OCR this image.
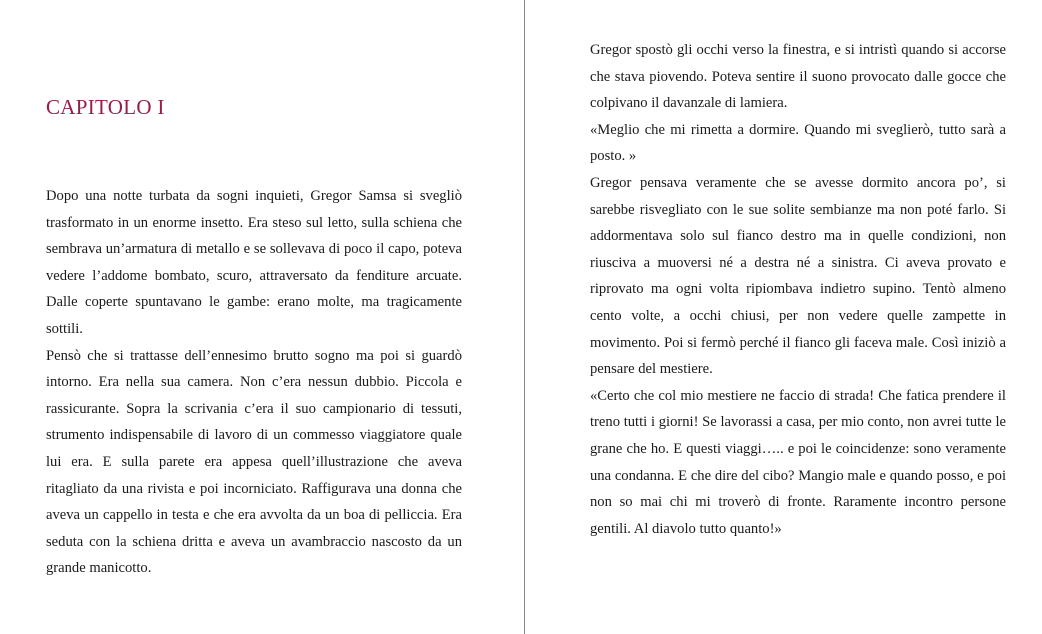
CAPITOLO I

Dopo una notte turbata da sogni inquieti, Gregor Samsa si svegliò trasformato in un enorme insetto. Era steso sul letto, sulla schiena che sembrava un’armatura di metallo e se sollevava di poco il capo, poteva vedere l’addome bombato, scuro, attraversato da fenditure arcuate. Dalle coperte spuntavano le gambe: erano molte, ma tragicamente sottili.

Pensò che si trattasse dell’ennesimo brutto sogno ma poi si guardò intorno. Era nella sua camera. Non c’era nessun dubbio. Piccola e rassicurante. Sopra la scrivania c’era il suo campionario di tessuti, strumento indispensabile di lavoro di un commesso viaggiatore quale lui era. E sulla parete era appesa quell’illustrazione che aveva ritagliato da una rivista e poi incorniciato. Raffigurava una donna che aveva un cappello in testa e che era avvolta da un boa di pelliccia. Era seduta con la schiena dritta e aveva un avambraccio nascosto da un grande manicotto.

Gregor spostò gli occhi verso la finestra, e si intristì quando si accorse che stava piovendo. Poteva sentire il suono provocato dalle gocce che colpivano il davanzale di lamiera.

«Meglio che mi rimetta a dormire. Quando mi sveglierò, tutto sarà a posto. »

Gregor pensava veramente che se avesse dormito ancora po’, si sarebbe risvegliato con le sue solite sembianze ma non poté farlo. Si addormentava solo sul fianco destro ma in quelle condizioni, non riusciva a muoversi né a destra né a sinistra. Ci aveva provato e riprovato ma ogni volta ripiombava indietro supino. Tentò almeno cento volte, a occhi chiusi, per non vedere quelle zampette in movimento. Poi si fermò perché il fianco gli faceva male. Così iniziò a pensare del mestiere.

«Certo che col mio mestiere ne faccio di strada! Che fatica prendere il treno tutti i giorni! Se lavorassi a casa, per mio conto, non avrei tutte le grane che ho. E questi viaggi….. e poi le coincidenze: sono veramente una condanna. E che dire del cibo? Mangio male e quando posso, e poi non so mai chi mi troverò di fronte. Raramente incontro persone gentili. Al diavolo tutto quanto!»
